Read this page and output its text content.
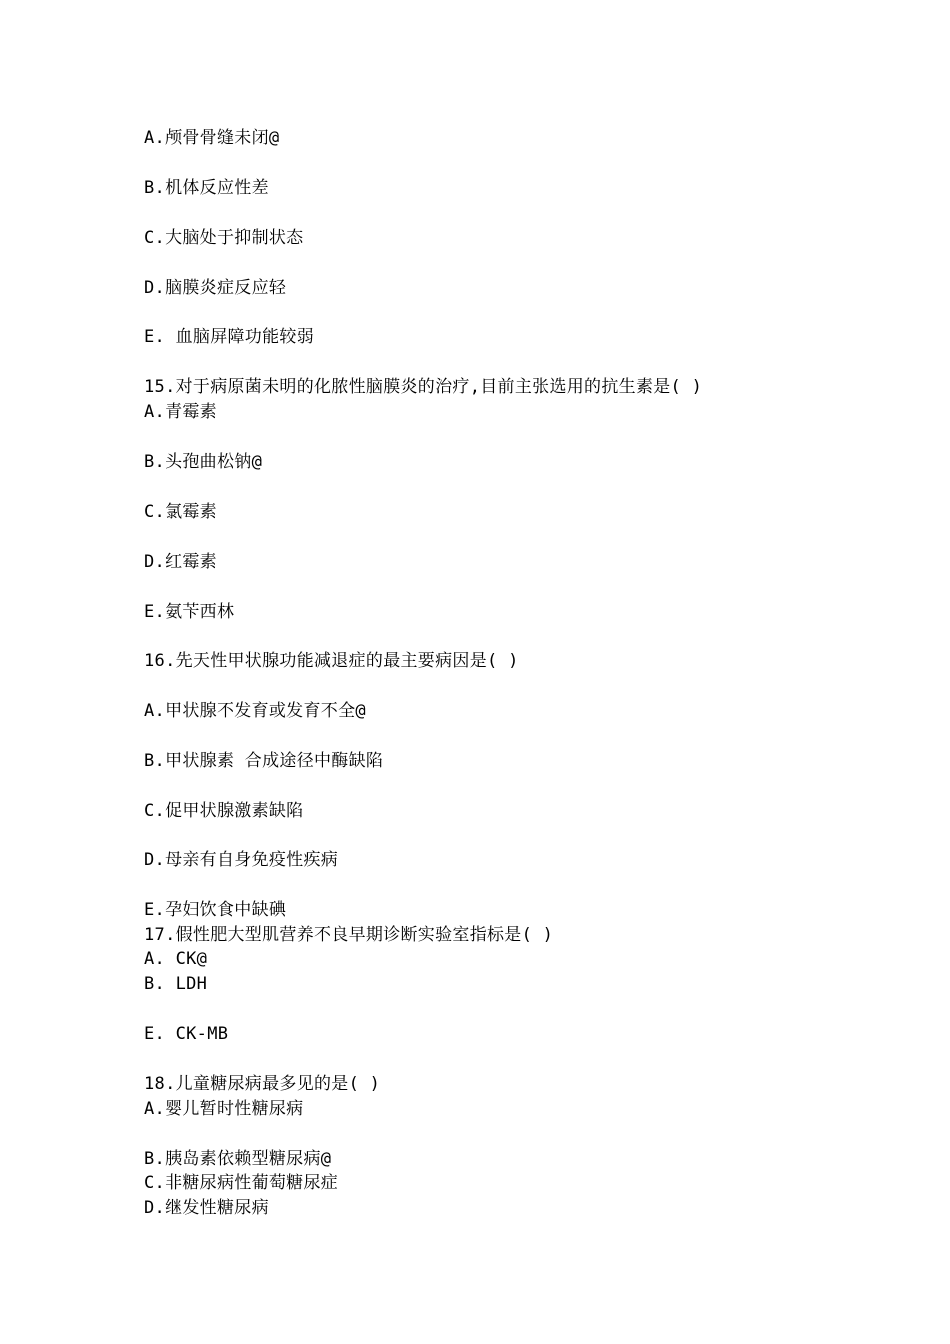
A.颅骨骨缝未闭@
B.机体反应性差
C.大脑处于抑制状态
D.脑膜炎症反应轻
E. 血脑屏障功能较弱
15.对于病原菌未明的化脓性脑膜炎的治疗,目前主张选用的抗生素是( )
A.青霉素
B.头孢曲松钠@
C.氯霉素
D.红霉素
E.氨苄西林
16.先天性甲状腺功能减退症的最主要病因是( )
A.甲状腺不发育或发育不全@
B.甲状腺素 合成途径中酶缺陷
C.促甲状腺激素缺陷
D.母亲有自身免疫性疾病
E.孕妇饮食中缺碘
17.假性肥大型肌营养不良早期诊断实验室指标是( )
A. CK@
B. LDH
E. CK-MB
18.儿童糖尿病最多见的是( )
A.婴儿暂时性糖尿病
B.胰岛素依赖型糖尿病@
C.非糖尿病性葡萄糖尿症
D.继发性糖尿病
